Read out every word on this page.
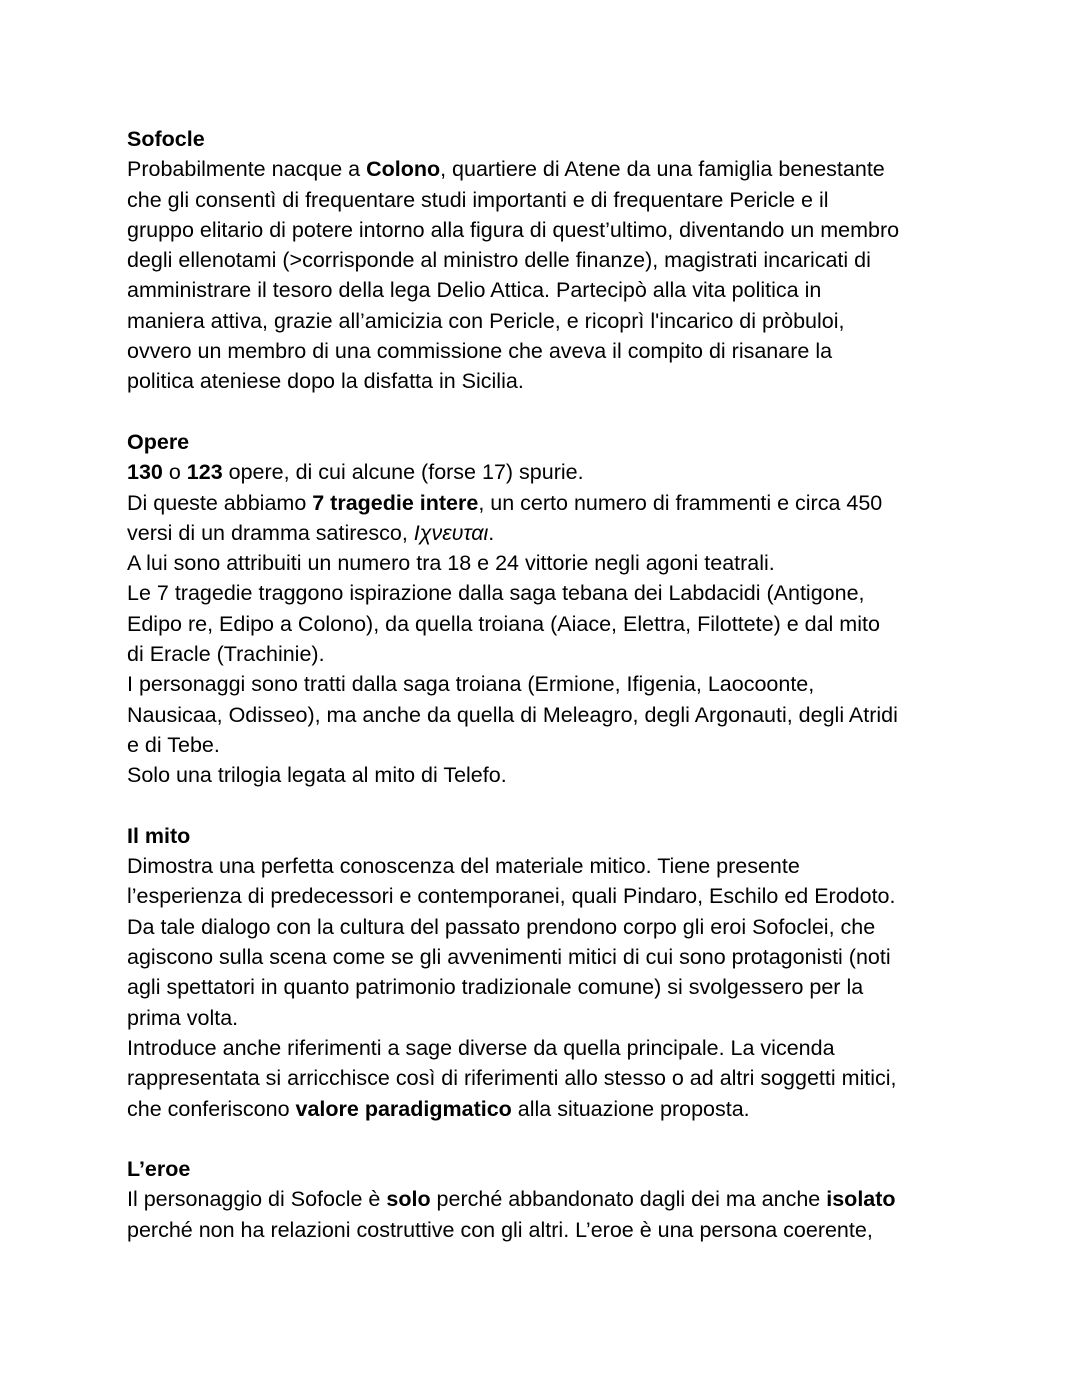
Sofocle
Probabilmente nacque a Colono, quartiere di Atene da una famiglia benestante
che gli consentì di frequentare studi importanti e di frequentare Pericle e il
gruppo elitario di potere intorno alla figura di quest’ultimo, diventando un membro
degli ellenotami (>corrisponde al ministro delle finanze), magistrati incaricati di
amministrare il tesoro della lega Delio Attica. Partecipò alla vita politica in
maniera attiva, grazie all’amicizia con Pericle, e ricoprì l'incarico di pròbuloi,
ovvero un membro di una commissione che aveva il compito di risanare la
politica ateniese dopo la disfatta in Sicilia.
Opere
130 o 123 opere, di cui alcune (forse 17) spurie.
Di queste abbiamo 7 tragedie intere, un certo numero di frammenti e circa 450
versi di un dramma satiresco, Ιχνευται.
A lui sono attribuiti un numero tra 18 e 24 vittorie negli agoni teatrali.
Le 7 tragedie traggono ispirazione dalla saga tebana dei Labdacidi (Antigone,
Edipo re, Edipo a Colono), da quella troiana (Aiace, Elettra, Filottete) e dal mito
di Eracle (Trachinie).
I personaggi sono tratti dalla saga troiana (Ermione, Ifigenia, Laocoonte,
Nausicaa, Odisseo), ma anche da quella di Meleagro, degli Argonauti, degli Atridi
e di Tebe.
Solo una trilogia legata al mito di Telefo.
Il mito
Dimostra una perfetta conoscenza del materiale mitico. Tiene presente
l’esperienza di predecessori e contemporanei, quali Pindaro, Eschilo ed Erodoto.
Da tale dialogo con la cultura del passato prendono corpo gli eroi Sofoclei, che
agiscono sulla scena come se gli avvenimenti mitici di cui sono protagonisti (noti
agli spettatori in quanto patrimonio tradizionale comune) si svolgessero per la
prima volta.
Introduce anche riferimenti a sage diverse da quella principale. La vicenda
rappresentata si arricchisce così di riferimenti allo stesso o ad altri soggetti mitici,
che conferiscono valore paradigmatico alla situazione proposta.
L’eroe
Il personaggio di Sofocle è solo perché abbandonato dagli dei ma anche isolato
perché non ha relazioni costruttive con gli altri. L’eroe è una persona coerente,
